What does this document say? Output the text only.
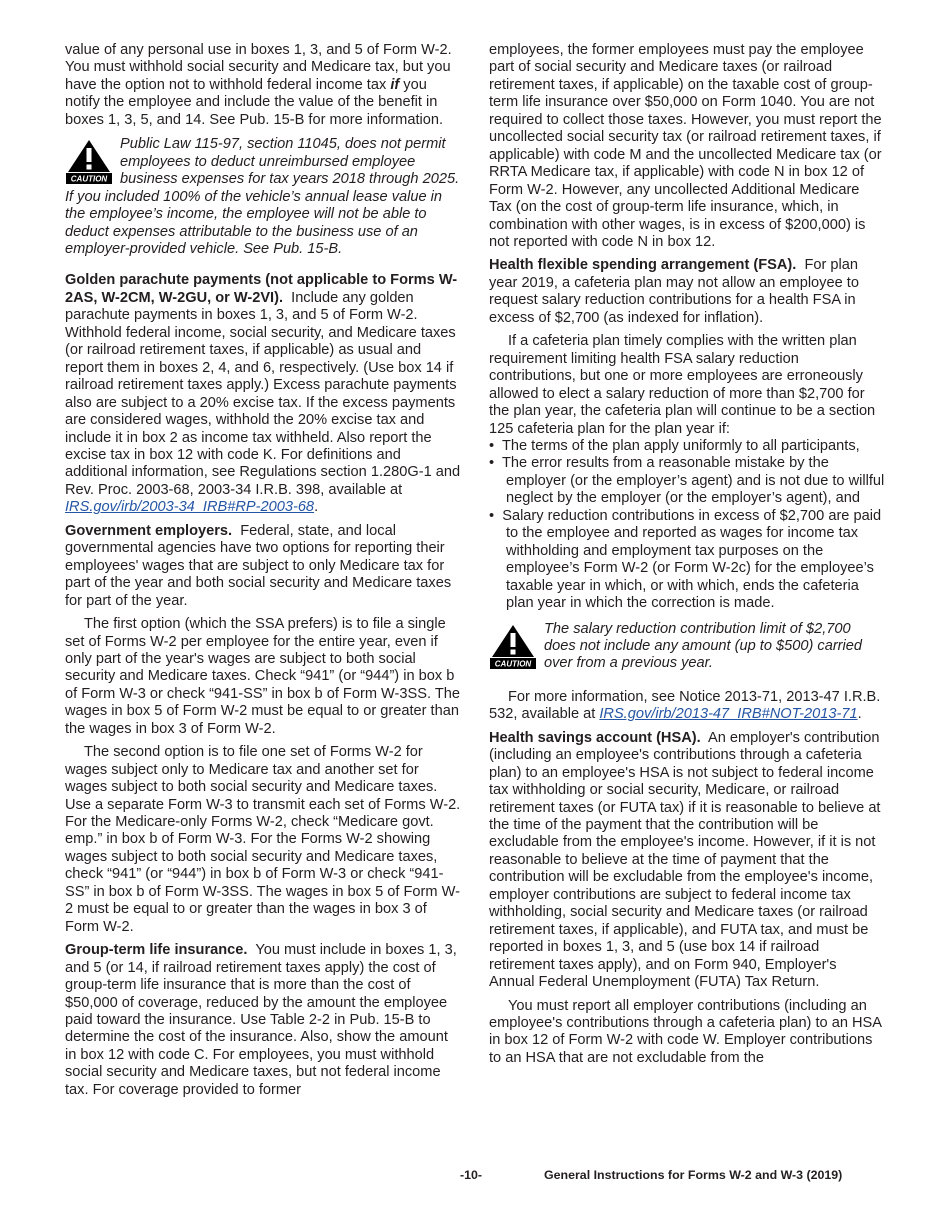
value of any personal use in boxes 1, 3, and 5 of Form W-2. You must withhold social security and Medicare tax, but you have the option not to withhold federal income tax if you notify the employee and include the value of the benefit in boxes 1, 3, 5, and 14. See Pub. 15-B for more information.

CAUTION
Public Law 115-97, section 11045, does not permit employees to deduct unreimbursed employee business expenses for tax years 2018 through 2025. If you included 100% of the vehicle’s annual lease value in the employee’s income, the employee will not be able to deduct expenses attributable to the business use of an employer-provided vehicle. See Pub. 15-B.

Golden parachute payments (not applicable to Forms W-2AS, W-2CM, W-2GU, or W-2VI). Include any golden parachute payments in boxes 1, 3, and 5 of Form W-2. Withhold federal income, social security, and Medicare taxes (or railroad retirement taxes, if applicable) as usual and report them in boxes 2, 4, and 6, respectively. (Use box 14 if railroad retirement taxes apply.) Excess parachute payments also are subject to a 20% excise tax. If the excess payments are considered wages, withhold the 20% excise tax and include it in box 2 as income tax withheld. Also report the excise tax in box 12 with code K. For definitions and additional information, see Regulations section 1.280G-1 and Rev. Proc. 2003-68, 2003-34 I.R.B. 398, available at IRS.gov/irb/2003-34_IRB#RP-2003-68.

Government employers. Federal, state, and local governmental agencies have two options for reporting their employees' wages that are subject to only Medicare tax for part of the year and both social security and Medicare taxes for part of the year.

The first option (which the SSA prefers) is to file a single set of Forms W-2 per employee for the entire year, even if only part of the year's wages are subject to both social security and Medicare taxes. Check “941” (or “944”) in box b of Form W-3 or check “941-SS” in box b of Form W-3SS. The wages in box 5 of Form W-2 must be equal to or greater than the wages in box 3 of Form W-2.

The second option is to file one set of Forms W-2 for wages subject only to Medicare tax and another set for wages subject to both social security and Medicare taxes. Use a separate Form W-3 to transmit each set of Forms W-2. For the Medicare-only Forms W-2, check “Medicare govt. emp.” in box b of Form W-3. For the Forms W-2 showing wages subject to both social security and Medicare taxes, check “941” (or “944”) in box b of Form W-3 or check “941-SS” in box b of Form W-3SS. The wages in box 5 of Form W-2 must be equal to or greater than the wages in box 3 of Form W-2.

Group-term life insurance. You must include in boxes 1, 3, and 5 (or 14, if railroad retirement taxes apply) the cost of group-term life insurance that is more than the cost of $50,000 of coverage, reduced by the amount the employee paid toward the insurance. Use Table 2-2 in Pub. 15-B to determine the cost of the insurance. Also, show the amount in box 12 with code C. For employees, you must withhold social security and Medicare taxes, but not federal income tax. For coverage provided to former

employees, the former employees must pay the employee part of social security and Medicare taxes (or railroad retirement taxes, if applicable) on the taxable cost of group-term life insurance over $50,000 on Form 1040. You are not required to collect those taxes. However, you must report the uncollected social security tax (or railroad retirement taxes, if applicable) with code M and the uncollected Medicare tax (or RRTA Medicare tax, if applicable) with code N in box 12 of Form W-2. However, any uncollected Additional Medicare Tax (on the cost of group-term life insurance, which, in combination with other wages, is in excess of $200,000) is not reported with code N in box 12.

Health flexible spending arrangement (FSA). For plan year 2019, a cafeteria plan may not allow an employee to request salary reduction contributions for a health FSA in excess of $2,700 (as indexed for inflation).

If a cafeteria plan timely complies with the written plan requirement limiting health FSA salary reduction contributions, but one or more employees are erroneously allowed to elect a salary reduction of more than $2,700 for the plan year, the cafeteria plan will continue to be a section 125 cafeteria plan for the plan year if:

• The terms of the plan apply uniformly to all participants,

• The error results from a reasonable mistake by the employer (or the employer’s agent) and is not due to willful neglect by the employer (or the employer’s agent), and

• Salary reduction contributions in excess of $2,700 are paid to the employee and reported as wages for income tax withholding and employment tax purposes on the employee’s Form W-2 (or Form W-2c) for the employee’s taxable year in which, or with which, ends the cafeteria plan year in which the correction is made.

CAUTION
The salary reduction contribution limit of $2,700 does not include any amount (up to $500) carried over from a previous year.

For more information, see Notice 2013-71, 2013-47 I.R.B. 532, available at IRS.gov/irb/2013-47_IRB#NOT-2013-71.

Health savings account (HSA). An employer's contribution (including an employee's contributions through a cafeteria plan) to an employee's HSA is not subject to federal income tax withholding or social security, Medicare, or railroad retirement taxes (or FUTA tax) if it is reasonable to believe at the time of the payment that the contribution will be excludable from the employee's income. However, if it is not reasonable to believe at the time of payment that the contribution will be excludable from the employee's income, employer contributions are subject to federal income tax withholding, social security and Medicare taxes (or railroad retirement taxes, if applicable), and FUTA tax, and must be reported in boxes 1, 3, and 5 (use box 14 if railroad retirement taxes apply), and on Form 940, Employer's Annual Federal Unemployment (FUTA) Tax Return.

You must report all employer contributions (including an employee's contributions through a cafeteria plan) to an HSA in box 12 of Form W-2 with code W. Employer contributions to an HSA that are not excludable from the

-10-	General Instructions for Forms W-2 and W-3 (2019)
